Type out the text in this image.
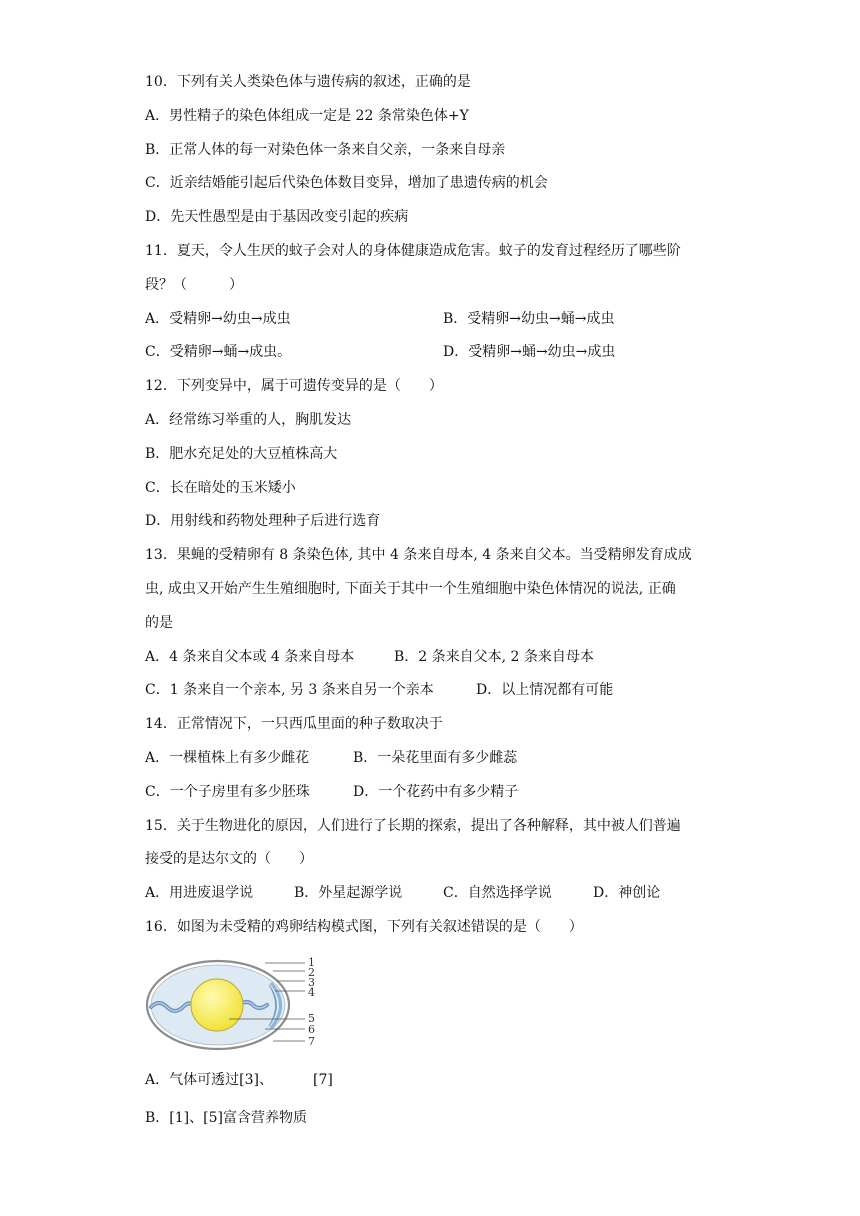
10．下列有关人类染色体与遗传病的叙述，正确的是
A．男性精子的染色体组成一定是 22 条常染色体+Y
B．正常人体的每一对染色体一条来自父亲，一条来自母亲
C．近亲结婚能引起后代染色体数目变异，增加了患遗传病的机会
D．先天性愚型是由于基因改变引起的疾病
11．夏天，令人生厌的蚊子会对人的身体健康造成危害。蚊子的发育过程经历了哪些阶
段？（　　　）
A．受精卵→幼虫→成虫	B．受精卵→幼虫→蛹→成虫
C．受精卵→蛹→成虫。	D．受精卵→蛹→幼虫→成虫
12．下列变异中，属于可遗传变异的是（　　）
A．经常练习举重的人，胸肌发达
B．肥水充足处的大豆植株高大
C．长在暗处的玉米矮小
D．用射线和药物处理种子后进行选育
13．果蝇的受精卵有 8 条染色体, 其中 4 条来自母本, 4 条来自父本。当受精卵发育成成
虫, 成虫又开始产生生殖细胞时, 下面关于其中一个生殖细胞中染色体情况的说法, 正确
的是
A．4 条来自父本或 4 条来自母本	B．2 条来自父本, 2 条来自母本
C．1 条来自一个亲本, 另 3 条来自另一个亲本	D．以上情况都有可能
14．正常情况下，一只西瓜里面的种子数取决于
A．一棵植株上有多少雌花	B．一朵花里面有多少雌蕊
C．一个子房里有多少胚珠	D．一个花药中有多少精子
15．关于生物进化的原因，人们进行了长期的探索，提出了各种解释，其中被人们普遍
接受的是达尔文的（　　）
A．用进废退学说	B．外星起源学说	C．自然选择学说	D．神创论
16．如图为未受精的鸡卵结构模式图，下列有关叙述错误的是（　　）
1
2
3
4
5
6
7
A．气体可透过[3]、	[7]
B．[1]、[5]富含营养物质
